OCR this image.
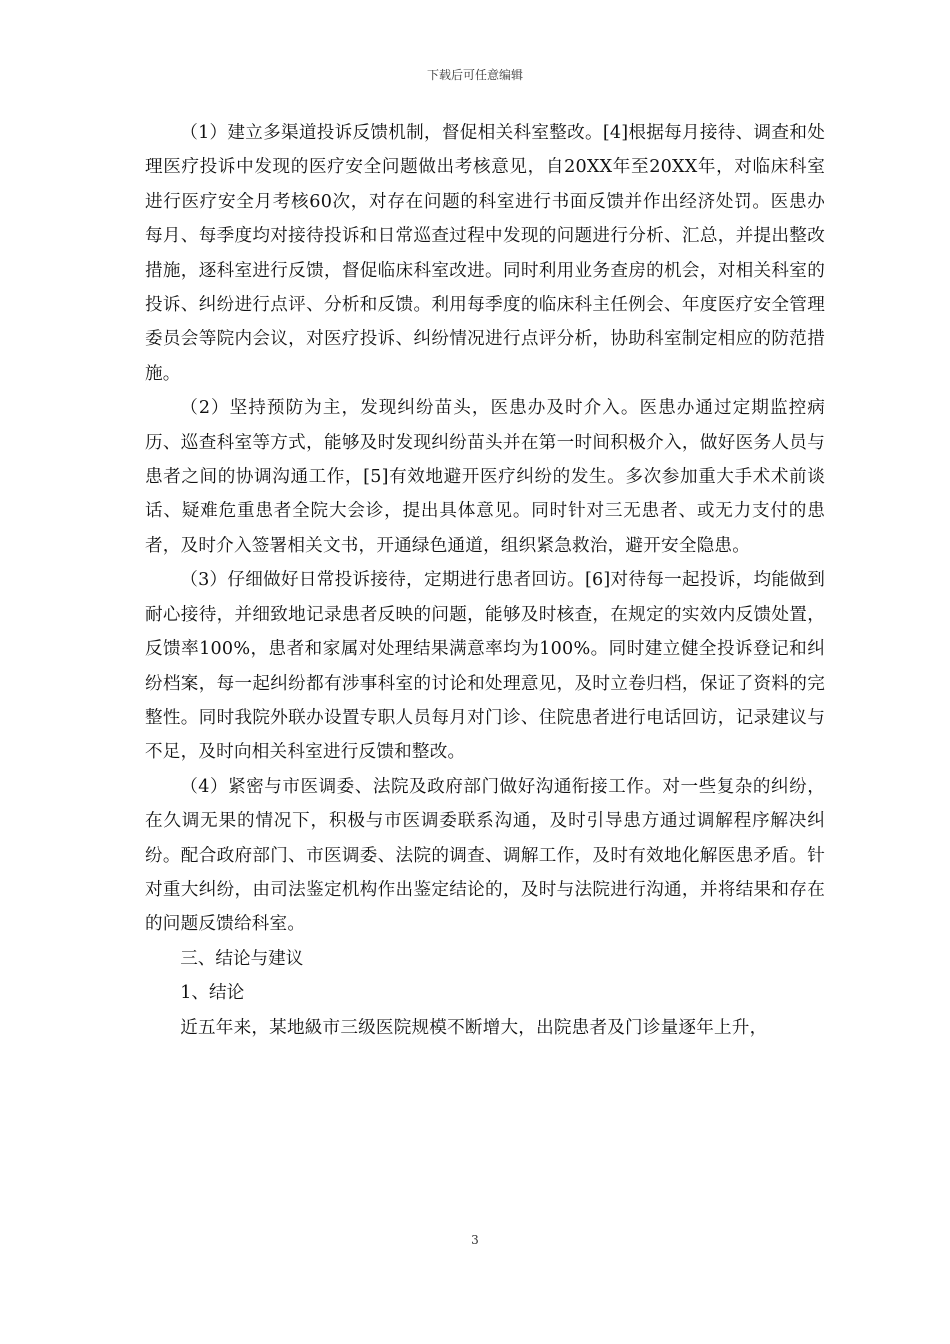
下载后可任意编辑

（1）建立多渠道投诉反馈机制，督促相关科室整改。[4]根据每月接待、调查和处理医疗投诉中发现的医疗安全问题做出考核意见，自20XX年至20XX年，对临床科室进行医疗安全月考核60次，对存在问题的科室进行书面反馈并作出经济处罚。医患办每月、每季度均对接待投诉和日常巡查过程中发现的问题进行分析、汇总，并提出整改措施，逐科室进行反馈，督促临床科室改进。同时利用业务查房的机会，对相关科室的投诉、纠纷进行点评、分析和反馈。利用每季度的临床科主任例会、年度医疗安全管理委员会等院内会议，对医疗投诉、纠纷情况进行点评分析，协助科室制定相应的防范措施。

（2）坚持预防为主，发现纠纷苗头，医患办及时介入。医患办通过定期监控病历、巡查科室等方式，能够及时发现纠纷苗头并在第一时间积极介入，做好医务人员与患者之间的协调沟通工作，[5]有效地避开医疗纠纷的发生。多次参加重大手术术前谈话、疑难危重患者全院大会诊，提出具体意见。同时针对三无患者、或无力支付的患者，及时介入签署相关文书，开通绿色通道，组织紧急救治，避开安全隐患。

（3）仔细做好日常投诉接待，定期进行患者回访。[6]对待每一起投诉，均能做到耐心接待，并细致地记录患者反映的问题，能够及时核查，在规定的实效内反馈处置，反馈率100%，患者和家属对处理结果满意率均为100%。同时建立健全投诉登记和纠纷档案，每一起纠纷都有涉事科室的讨论和处理意见，及时立卷归档，保证了资料的完整性。同时我院外联办设置专职人员每月对门诊、住院患者进行电话回访，记录建议与不足，及时向相关科室进行反馈和整改。

（4）紧密与市医调委、法院及政府部门做好沟通衔接工作。对一些复杂的纠纷，在久调无果的情况下，积极与市医调委联系沟通，及时引导患方通过调解程序解决纠纷。配合政府部门、市医调委、法院的调查、调解工作，及时有效地化解医患矛盾。针对重大纠纷，由司法鉴定机构作出鉴定结论的，及时与法院进行沟通，并将结果和存在的问题反馈给科室。

三、结论与建议

1、结论

近五年来，某地級市三级医院规模不断增大，出院患者及门诊量逐年上升，

3
